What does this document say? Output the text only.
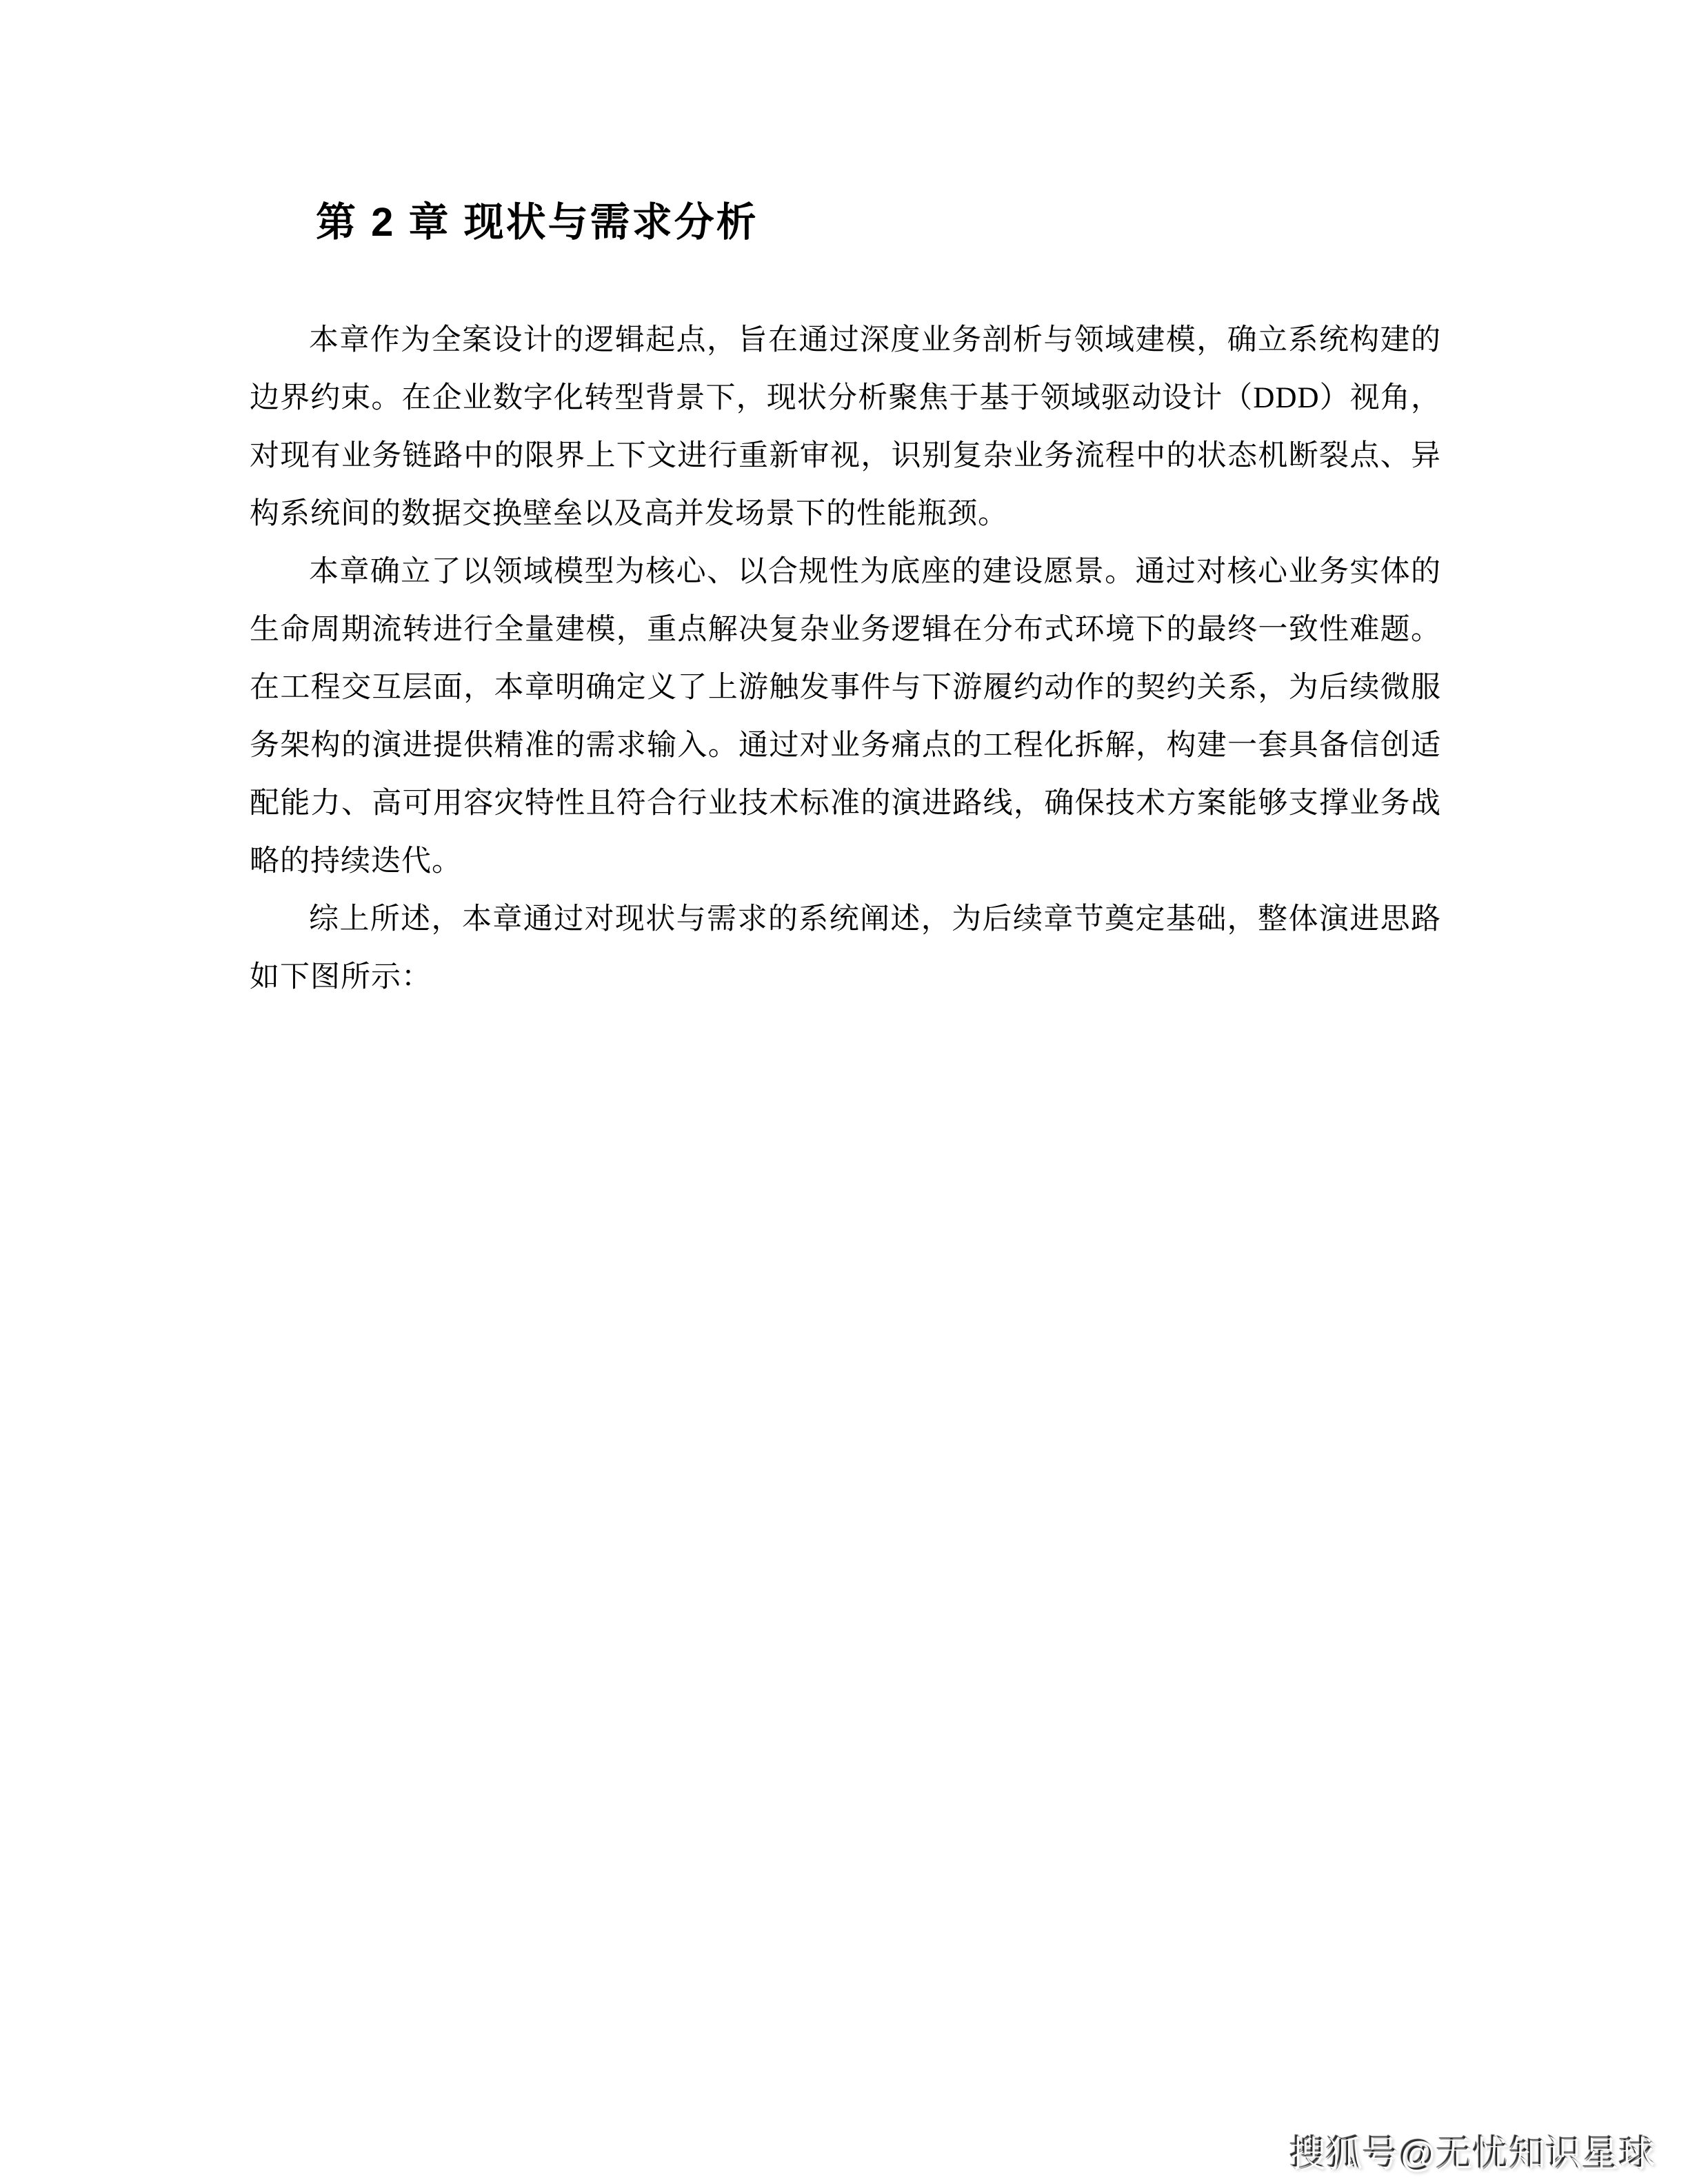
第 2 章 现状与需求分析

本章作为全案设计的逻辑起点，旨在通过深度业务剖析与领域建模，确立系统构建的边界约束。在企业数字化转型背景下，现状分析聚焦于基于领域驱动设计（DDD）视角，对现有业务链路中的限界上下文进行重新审视，识别复杂业务流程中的状态机断裂点、异构系统间的数据交换壁垒以及高并发场景下的性能瓶颈。

本章确立了以领域模型为核心、以合规性为底座的建设愿景。通过对核心业务实体的生命周期流转进行全量建模，重点解决复杂业务逻辑在分布式环境下的最终一致性难题。在工程交互层面，本章明确定义了上游触发事件与下游履约动作的契约关系，为后续微服务架构的演进提供精准的需求输入。通过对业务痛点的工程化拆解，构建一套具备信创适配能力、高可用容灾特性且符合行业技术标准的演进路线，确保技术方案能够支撑业务战略的持续迭代。

综上所述，本章通过对现状与需求的系统阐述，为后续章节奠定基础，整体演进思路如下图所示：

搜狐号@无忧知识星球
